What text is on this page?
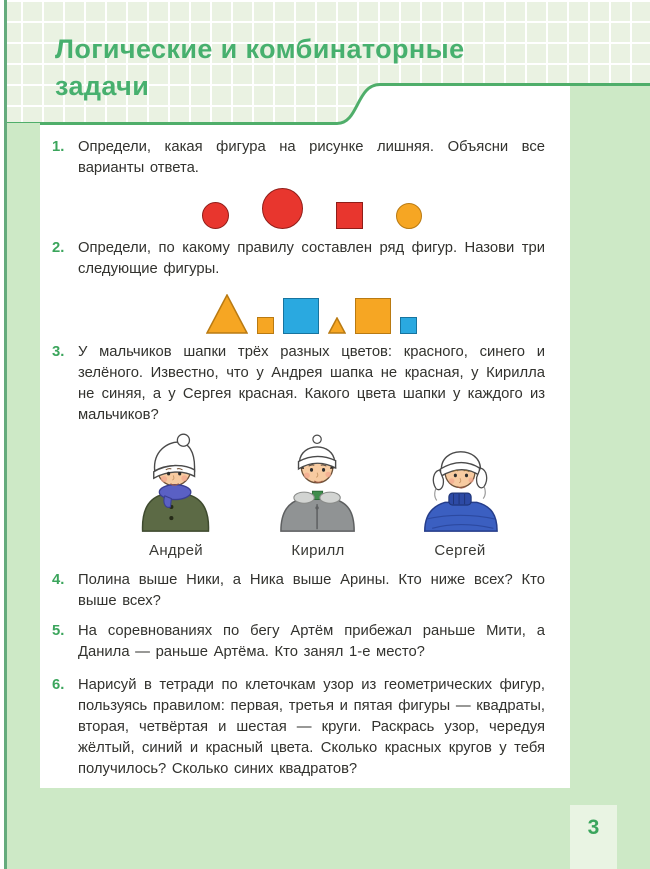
Логические и комбинаторные
задачи
1. Определи, какая фигура на рисунке лишняя. Объясни все варианты ответа.
2. Определи, по какому правилу составлен ряд фигур. Назови три следующие фигуры.
3. У мальчиков шапки трёх разных цветов: красного, синего и зелёного. Известно, что у Андрея шапка не красная, у Кирилла не синяя, а у Сергея красная. Какого цвета шапки у каждого из мальчиков?
Андрей	Кирилл	Сергей
4. Полина выше Ники, а Ника выше Арины. Кто ниже всех? Кто выше всех?
5. На соревнованиях по бегу Артём прибежал раньше Мити, а Данила — раньше Артёма. Кто занял 1-е место?
6. Нарисуй в тетради по клеточкам узор из геометрических фигур, пользуясь правилом: первая, третья и пятая фигуры — квадраты, вторая, четвёртая и шестая — круги. Раскрась узор, чередуя жёлтый, синий и красный цвета. Сколько красных кругов у тебя получилось? Сколько синих квадратов?
3
